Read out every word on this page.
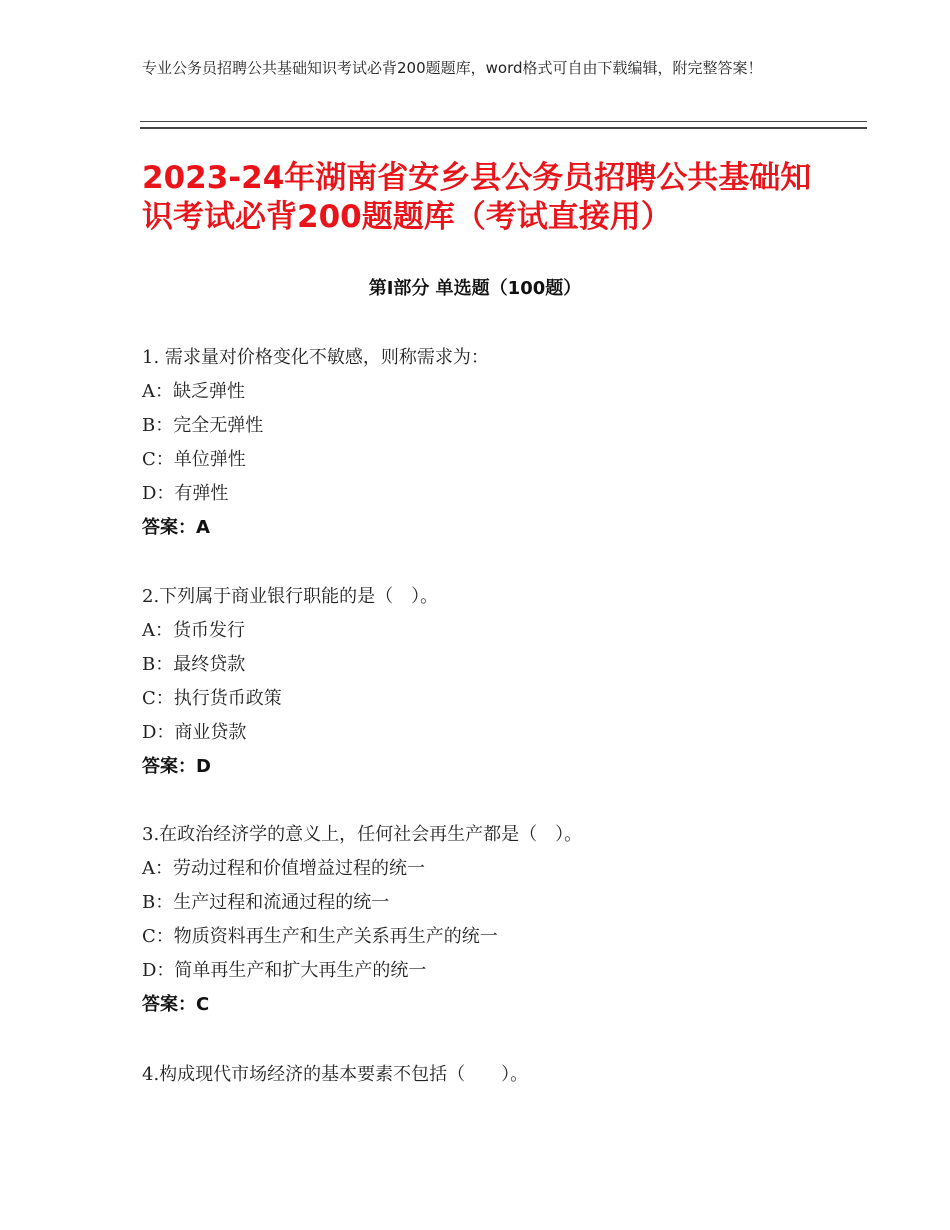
专业公务员招聘公共基础知识考试必背200题题库，word格式可自由下载编辑，附完整答案！
2023-24年湖南省安乡县公务员招聘公共基础知识考试必背200题题库（考试直接用）
第Ⅰ部分 单选题（100题）
1. 需求量对价格变化不敏感，则称需求为：
A：缺乏弹性
B：完全无弹性
C：单位弹性
D：有弹性
答案：A
2.下列属于商业银行职能的是（　）。
A：货币发行
B：最终贷款
C：执行货币政策
D：商业贷款
答案：D
3.在政治经济学的意义上，任何社会再生产都是（　）。
A：劳动过程和价值增益过程的统一
B：生产过程和流通过程的统一
C：物质资料再生产和生产关系再生产的统一
D：简单再生产和扩大再生产的统一
答案：C
4.构成现代市场经济的基本要素不包括（　　）。
